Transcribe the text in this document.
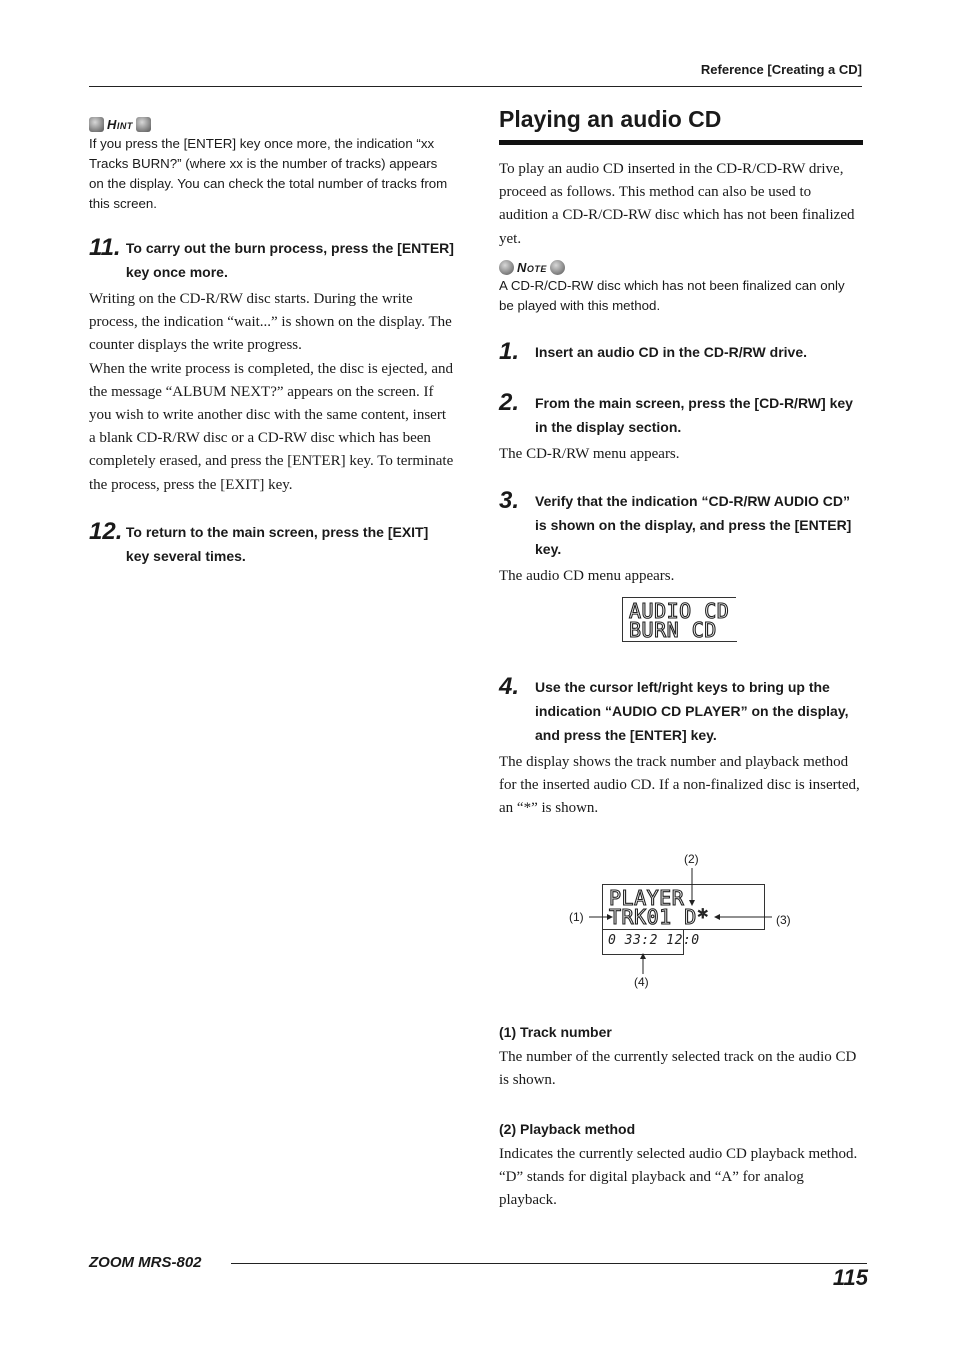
Reference [Creating a CD]
Hint
If you press the [ENTER] key once more, the indication “xx Tracks BURN?” (where xx is the number of tracks) appears on the display. You can check the total number of tracks from this screen.
11. To carry out the burn process, press the [ENTER] key once more.
Writing on the CD-R/RW disc starts. During the write process, the indication “wait...” is shown on the display. The counter displays the write progress.
When the write process is completed, the disc is ejected, and the message “ALBUM NEXT?” appears on the screen. If you wish to write another disc with the same content, insert a blank CD-R/RW disc or a CD-RW disc which has been completely erased, and press the [ENTER] key. To terminate the process, press the [EXIT] key.
12. To return to the main screen, press the [EXIT] key several times.
Playing an audio CD
To play an audio CD inserted in the CD-R/CD-RW drive, proceed as follows. This method can also be used to audition a CD-R/CD-RW disc which has not been finalized yet.
Note
A CD-R/CD-RW disc which has not been finalized can only be played with this method.
1.	Insert an audio CD in the CD-R/RW drive.
2.	From the main screen, press the [CD-R/RW] key in the display section.
The CD-R/RW menu appears.
3.	Verify that the indication “CD-R/RW AUDIO CD” is shown on the display, and press the [ENTER] key.
The audio CD menu appears.
AUDIO CD
BURN CD
4.	Use the cursor left/right keys to bring up the indication “AUDIO CD PLAYER” on the display, and press the [ENTER] key.
The display shows the track number and playback method for the inserted audio CD. If a non-finalized disc is inserted, an “*” is shown.
PLAYER
TRK01 D*
0 33:2 12:0
(2)
(1)	(3)
(4)
(1) Track number
The number of the currently selected track on the audio CD is shown.
(2) Playback method
Indicates the currently selected audio CD playback method. “D” stands for digital playback and “A” for analog playback.
ZOOM MRS-802
115
